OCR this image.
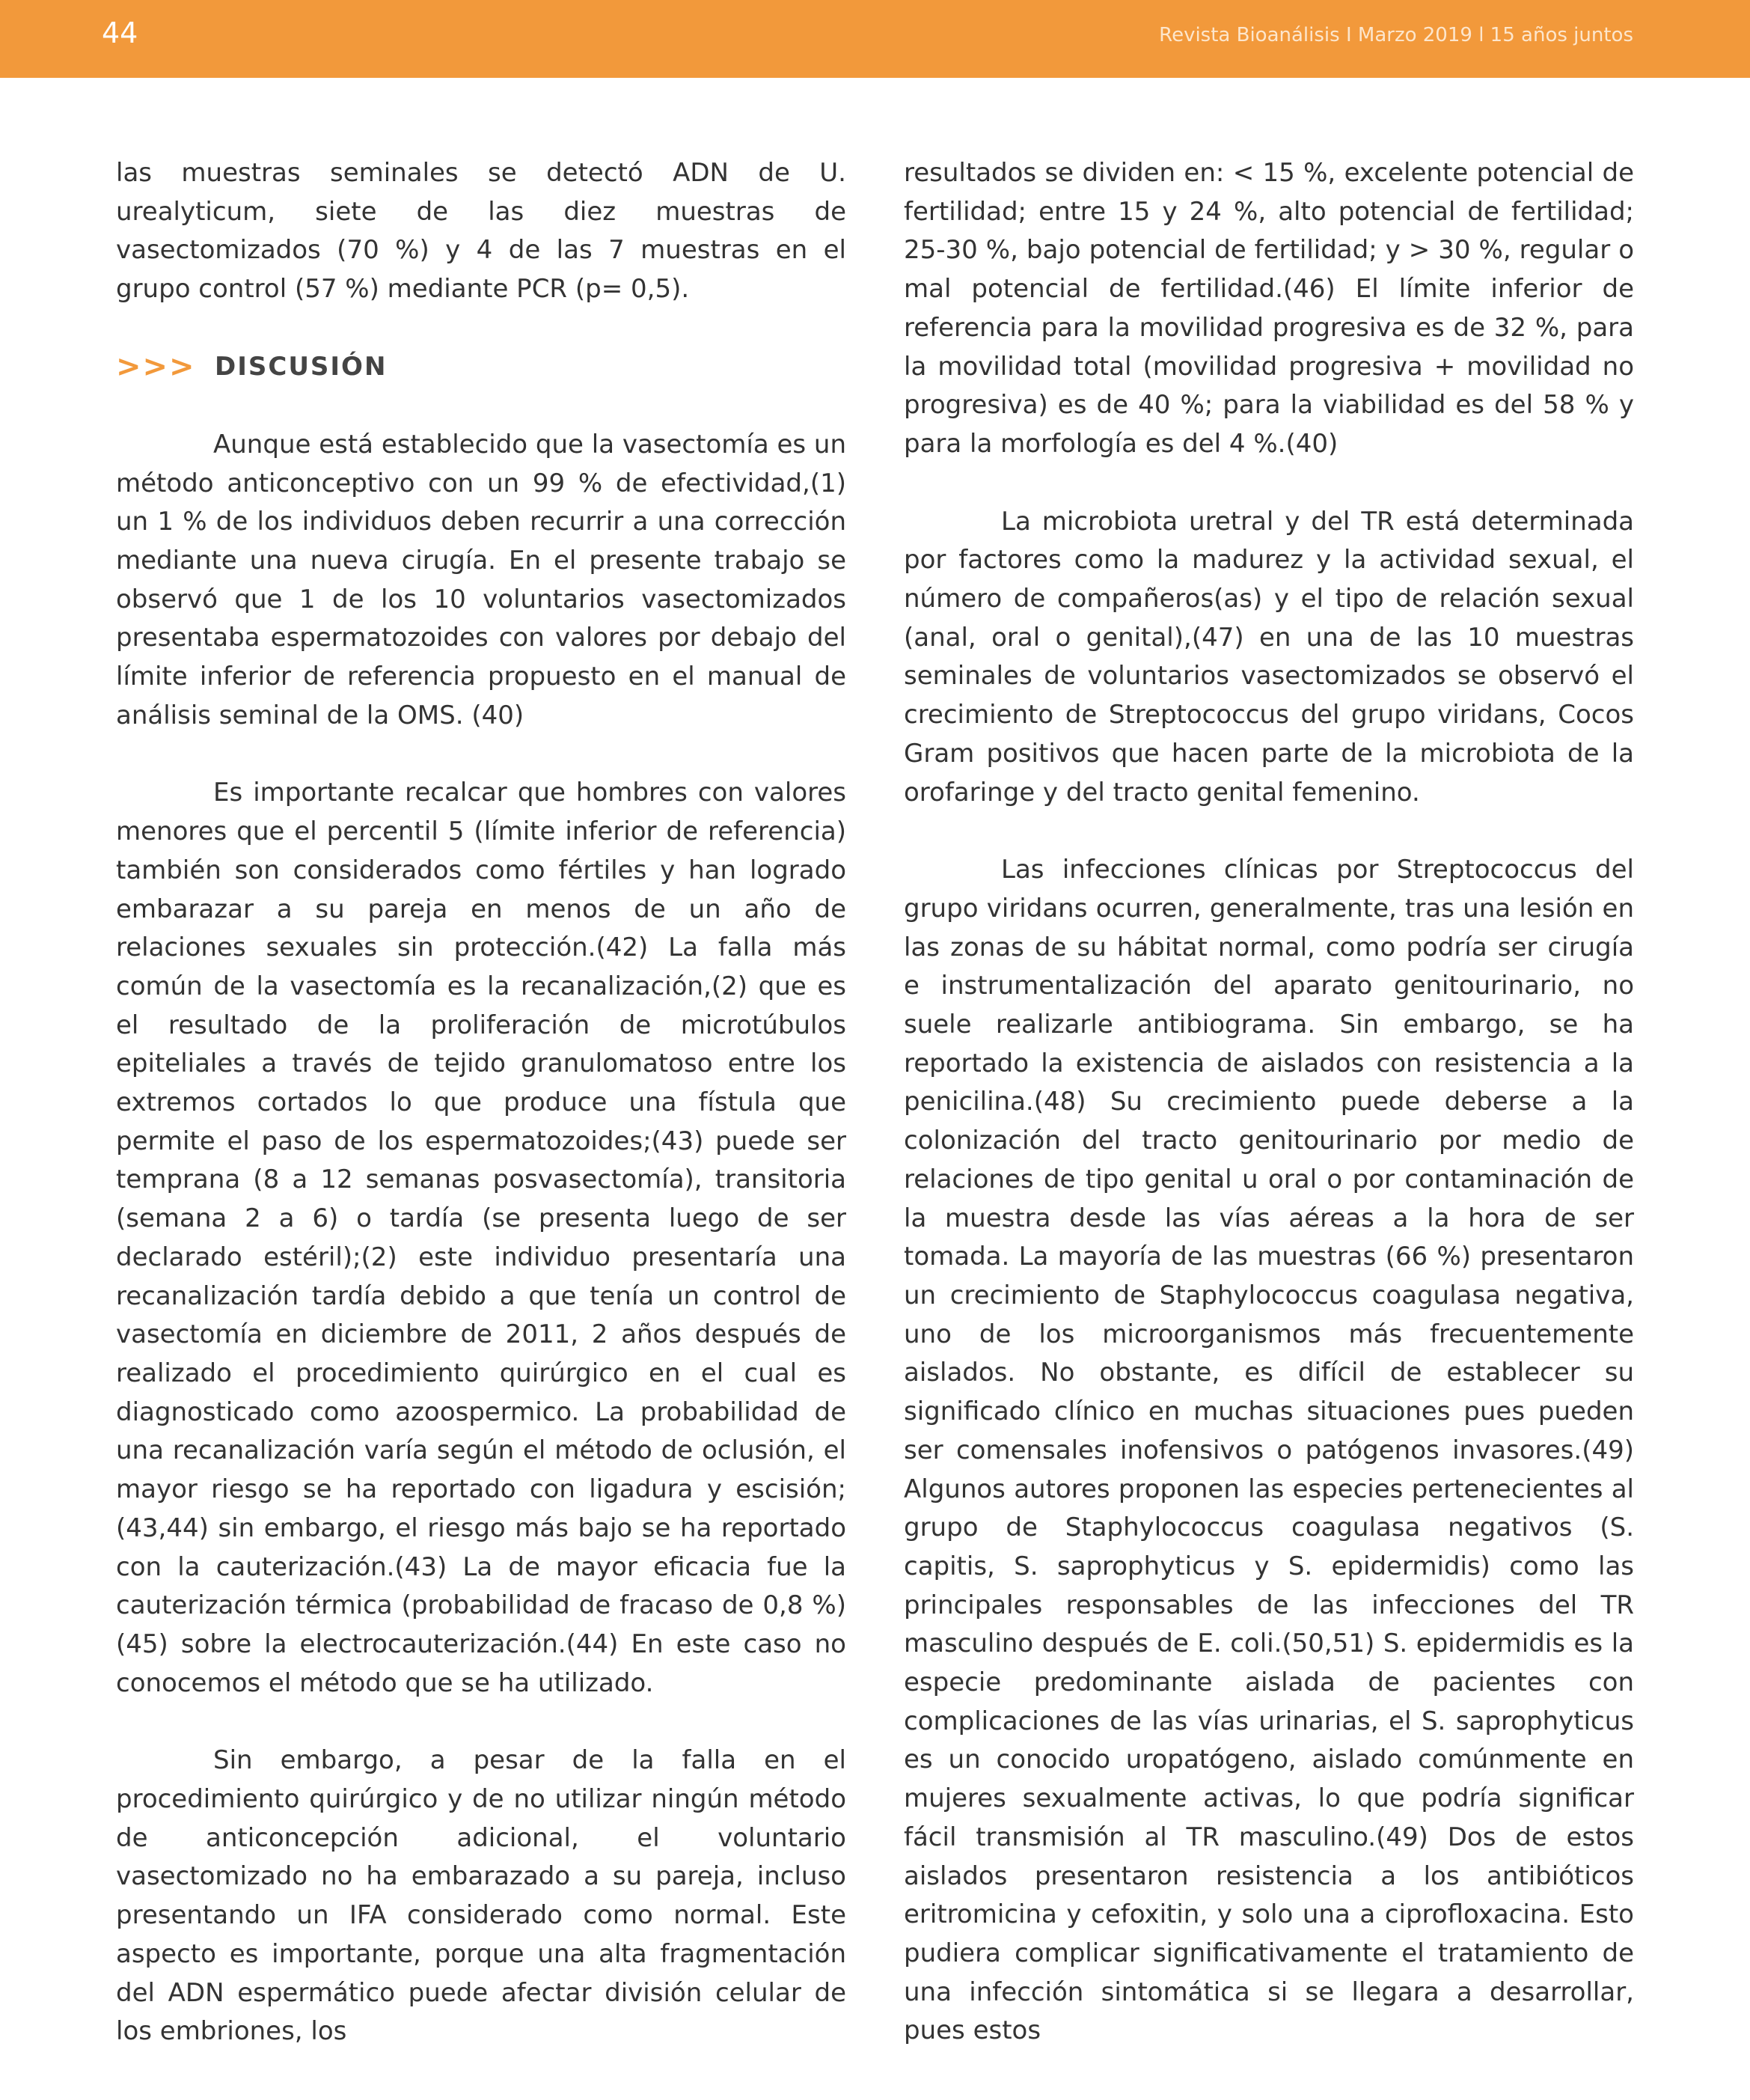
44	Revista Bioanálisis I Marzo 2019 l 15 años juntos

las muestras seminales se detectó ADN de U. urealyticum, siete de las diez muestras de vasectomizados (70 %) y 4 de las 7 muestras en el grupo control (57 %) mediante PCR (p= 0,5).

>>> DISCUSIÓN

Aunque está establecido que la vasectomía es un método anticonceptivo con un 99 % de efectividad,(1) un 1 % de los individuos deben recurrir a una corrección mediante una nueva cirugía. En el presente trabajo se observó que 1 de los 10 voluntarios vasectomizados presentaba espermatozoides con valores por debajo del límite inferior de referencia propuesto en el manual de análisis seminal de la OMS. (40)

Es importante recalcar que hombres con valores menores que el percentil 5 (límite inferior de referencia) también son considerados como fértiles y han logrado embarazar a su pareja en menos de un año de relaciones sexuales sin protección.(42) La falla más común de la vasectomía es la recanalización,(2) que es el resultado de la proliferación de microtúbulos epiteliales a través de tejido granulomatoso entre los extremos cortados lo que produce una fístula que permite el paso de los espermatozoides;(43) puede ser temprana (8 a 12 semanas posvasectomía), transitoria (semana 2 a 6) o tardía (se presenta luego de ser declarado estéril);(2) este individuo presentaría una recanalización tardía debido a que tenía un control de vasectomía en diciembre de 2011, 2 años después de realizado el procedimiento quirúrgico en el cual es diagnosticado como azoospermico. La probabilidad de una recanalización varía según el método de oclusión, el mayor riesgo se ha reportado con ligadura y escisión;(43,44) sin embargo, el riesgo más bajo se ha reportado con la cauterización.(43) La de mayor eficacia fue la cauterización térmica (probabilidad de fracaso de 0,8 %)(45) sobre la electrocauterización.(44) En este caso no conocemos el método que se ha utilizado.

Sin embargo, a pesar de la falla en el procedimiento quirúrgico y de no utilizar ningún método de anticoncepción adicional, el voluntario vasectomizado no ha embarazado a su pareja, incluso presentando un IFA considerado como normal. Este aspecto es importante, porque una alta fragmentación del ADN espermático puede afectar división celular de los embriones, los

resultados se dividen en: < 15 %, excelente potencial de fertilidad; entre 15 y 24 %, alto potencial de fertilidad; 25-30 %, bajo potencial de fertilidad; y > 30 %, regular o mal potencial de fertilidad.(46) El límite inferior de referencia para la movilidad progresiva es de 32 %, para la movilidad total (movilidad progresiva + movilidad no progresiva) es de 40 %; para la viabilidad es del 58 % y para la morfología es del 4 %.(40)

La microbiota uretral y del TR está determinada por factores como la madurez y la actividad sexual, el número de compañeros(as) y el tipo de relación sexual (anal, oral o genital),(47) en una de las 10 muestras seminales de voluntarios vasectomizados se observó el crecimiento de Streptococcus del grupo viridans, Cocos Gram positivos que hacen parte de la microbiota de la orofaringe y del tracto genital femenino.

Las infecciones clínicas por Streptococcus del grupo viridans ocurren, generalmente, tras una lesión en las zonas de su hábitat normal, como podría ser cirugía e instrumentalización del aparato genitourinario, no suele realizarle antibiograma. Sin embargo, se ha reportado la existencia de aislados con resistencia a la penicilina.(48) Su crecimiento puede deberse a la colonización del tracto genitourinario por medio de relaciones de tipo genital u oral o por contaminación de la muestra desde las vías aéreas a la hora de ser tomada. La mayoría de las muestras (66 %) presentaron un crecimiento de Staphylococcus coagulasa negativa, uno de los microorganismos más frecuentemente aislados. No obstante, es difícil de establecer su significado clínico en muchas situaciones pues pueden ser comensales inofensivos o patógenos invasores.(49) Algunos autores proponen las especies pertenecientes al grupo de Staphylococcus coagulasa negativos (S. capitis, S. saprophyticus y S. epidermidis) como las principales responsables de las infecciones del TR masculino después de E. coli.(50,51) S. epidermidis es la especie predominante aislada de pacientes con complicaciones de las vías urinarias, el S. saprophyticus es un conocido uropatógeno, aislado comúnmente en mujeres sexualmente activas, lo que podría significar fácil transmisión al TR masculino.(49) Dos de estos aislados presentaron resistencia a los antibióticos eritromicina y cefoxitin, y solo una a ciprofloxacina. Esto pudiera complicar significativamente el tratamiento de una infección sintomática si se llegara a desarrollar, pues estos
